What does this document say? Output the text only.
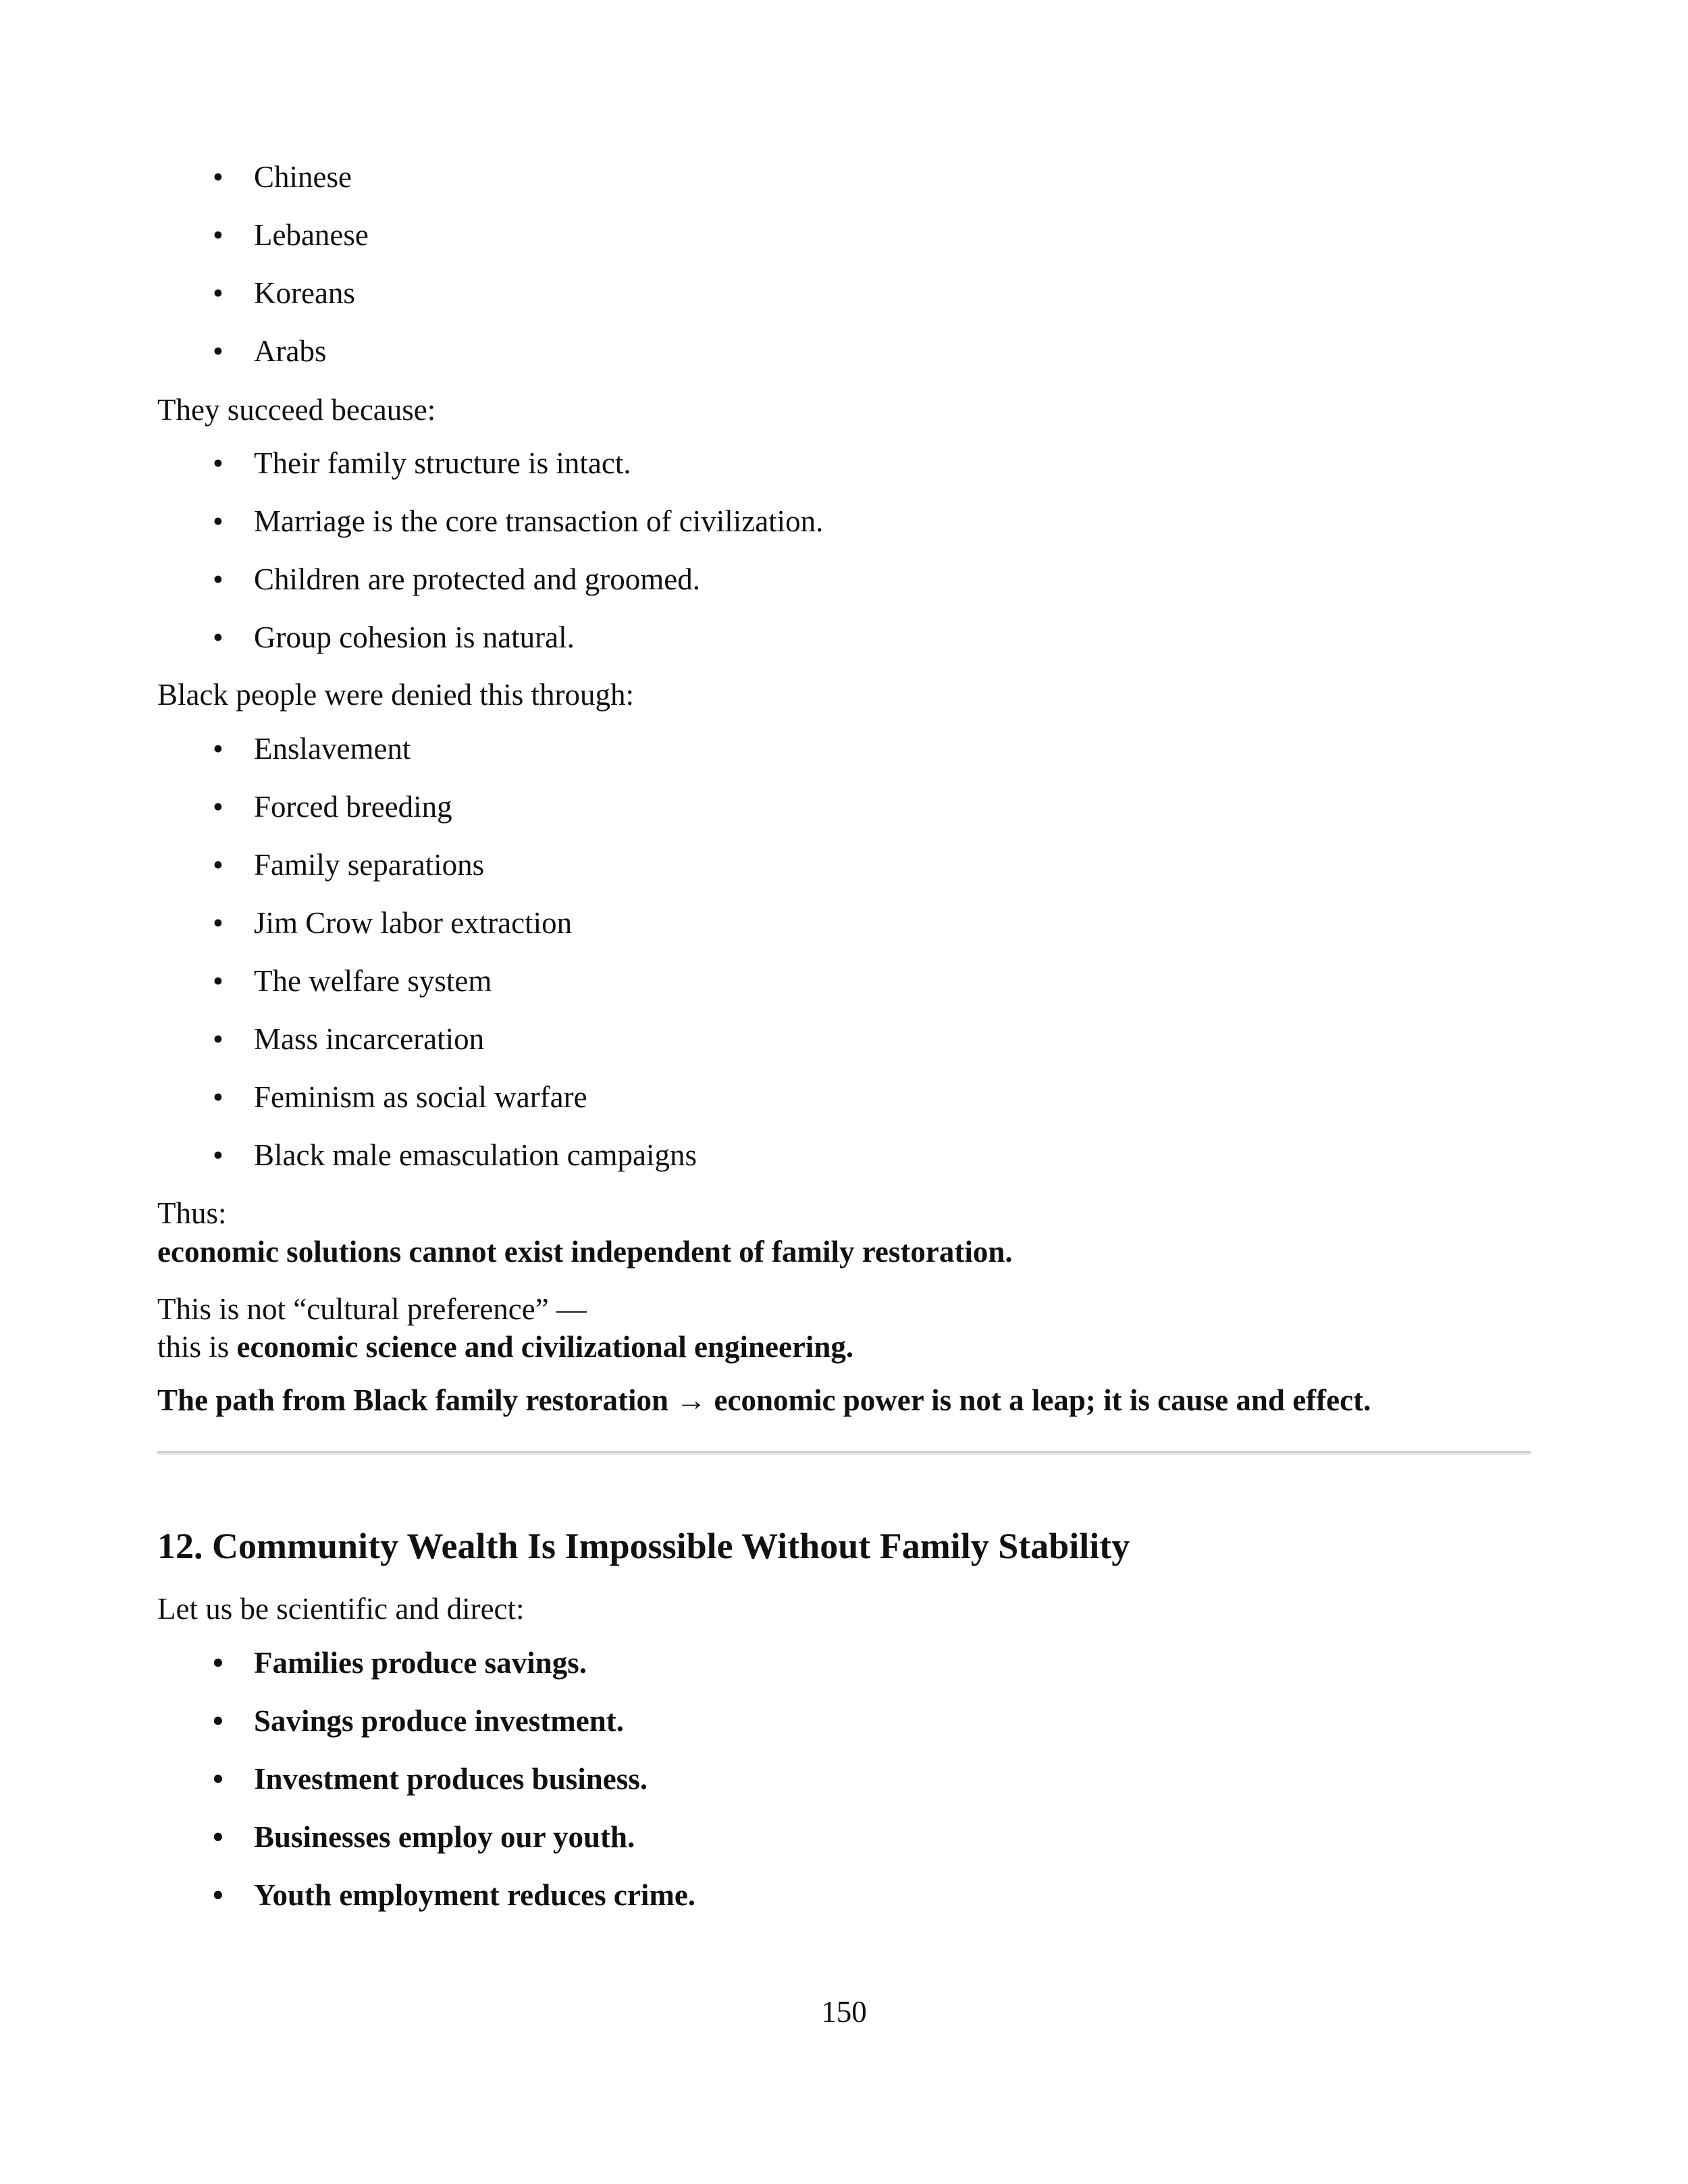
• Chinese
• Lebanese
• Koreans
• Arabs

They succeed because:

• Their family structure is intact.
• Marriage is the core transaction of civilization.
• Children are protected and groomed.
• Group cohesion is natural.

Black people were denied this through:

• Enslavement
• Forced breeding
• Family separations
• Jim Crow labor extraction
• The welfare system
• Mass incarceration
• Feminism as social warfare
• Black male emasculation campaigns

Thus:

economic solutions cannot exist independent of family restoration.

This is not “cultural preference” —

this is economic science and civilizational engineering.

The path from Black family restoration → economic power is not a leap; it is cause and effect.

12. Community Wealth Is Impossible Without Family Stability

Let us be scientific and direct:

• Families produce savings.
• Savings produce investment.
• Investment produces business.
• Businesses employ our youth.
• Youth employment reduces crime.
150
